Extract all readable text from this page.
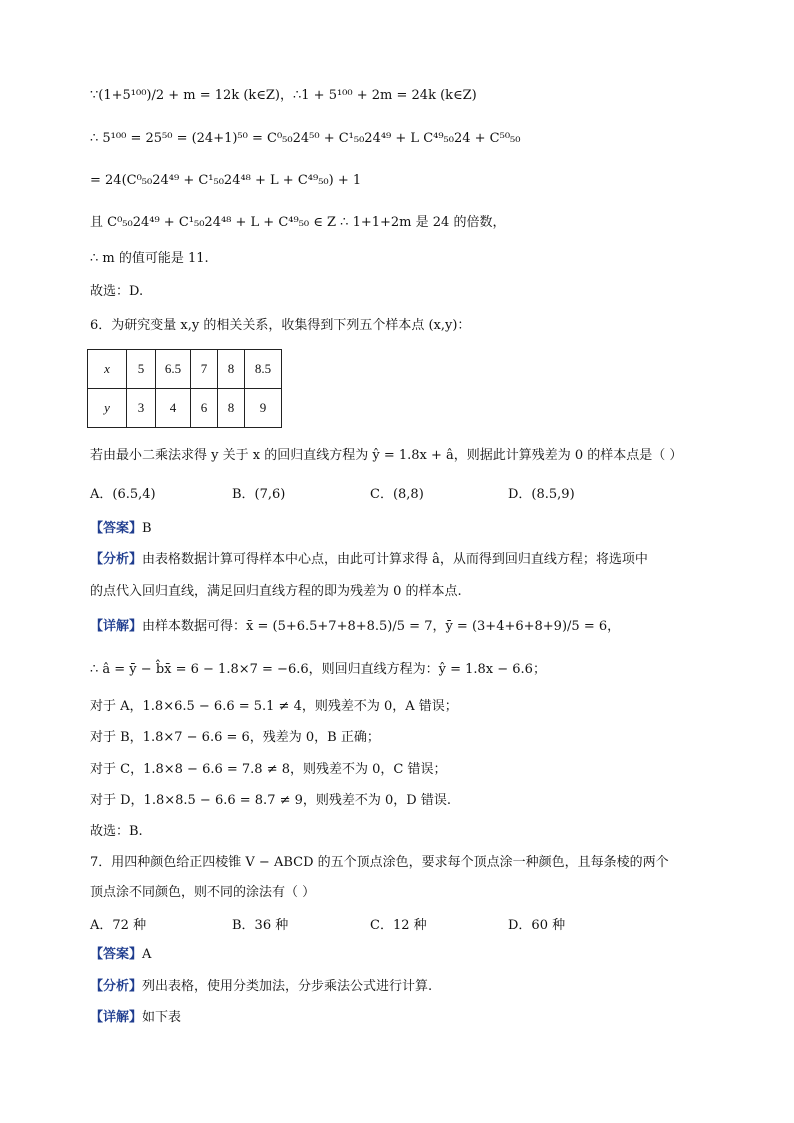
∵(1+5¹⁰⁰)/2 + m = 12k (k∈Z)，∴1 + 5¹⁰⁰ + 2m = 24k (k∈Z)
∴ 5¹⁰⁰ = 25⁵⁰ = (24+1)⁵⁰ = C⁰₅₀24⁵⁰ + C¹₅₀24⁴⁹ + L C⁴⁹₅₀24 + C⁵⁰₅₀
= 24(C⁰₅₀24⁴⁹ + C¹₅₀24⁴⁸ + L + C⁴⁹₅₀) + 1
且 C⁰₅₀24⁴⁹ + C¹₅₀24⁴⁸ + L + C⁴⁹₅₀ ∈ Z ∴ 1+1+2m 是 24 的倍数，
∴ m 的值可能是 11.
故选：D.
6．为研究变量 x,y 的相关关系，收集得到下列五个样本点 (x,y)：
x	5	6.5	7	8	8.5
y	3	4	6	8	9
若由最小二乘法求得 y 关于 x 的回归直线方程为 ŷ = 1.8x + â，则据此计算残差为 0 的样本点是（ ）
A．(6.5,4)	B．(7,6)	C．(8,8)	D．(8.5,9)
【答案】B
【分析】由表格数据计算可得样本中心点，由此可计算求得 â，从而得到回归直线方程；将选项中
的点代入回归直线，满足回归直线方程的即为残差为 0 的样本点.
【详解】由样本数据可得：x̄ = (5+6.5+7+8+8.5)/5 = 7，ȳ = (3+4+6+8+9)/5 = 6，
∴ â = ȳ − b̂x̄ = 6 − 1.8×7 = −6.6，则回归直线方程为：ŷ = 1.8x − 6.6；
对于 A，1.8×6.5 − 6.6 = 5.1 ≠ 4，则残差不为 0，A 错误；
对于 B，1.8×7 − 6.6 = 6，残差为 0，B 正确；
对于 C，1.8×8 − 6.6 = 7.8 ≠ 8，则残差不为 0，C 错误；
对于 D，1.8×8.5 − 6.6 = 8.7 ≠ 9，则残差不为 0，D 错误.
故选：B.
7．用四种颜色给正四棱锥 V − ABCD 的五个顶点涂色，要求每个顶点涂一种颜色，且每条棱的两个
顶点涂不同颜色，则不同的涂法有（ ）
A．72 种	B．36 种	C．12 种	D．60 种
【答案】A
【分析】列出表格，使用分类加法，分步乘法公式进行计算.
【详解】如下表
